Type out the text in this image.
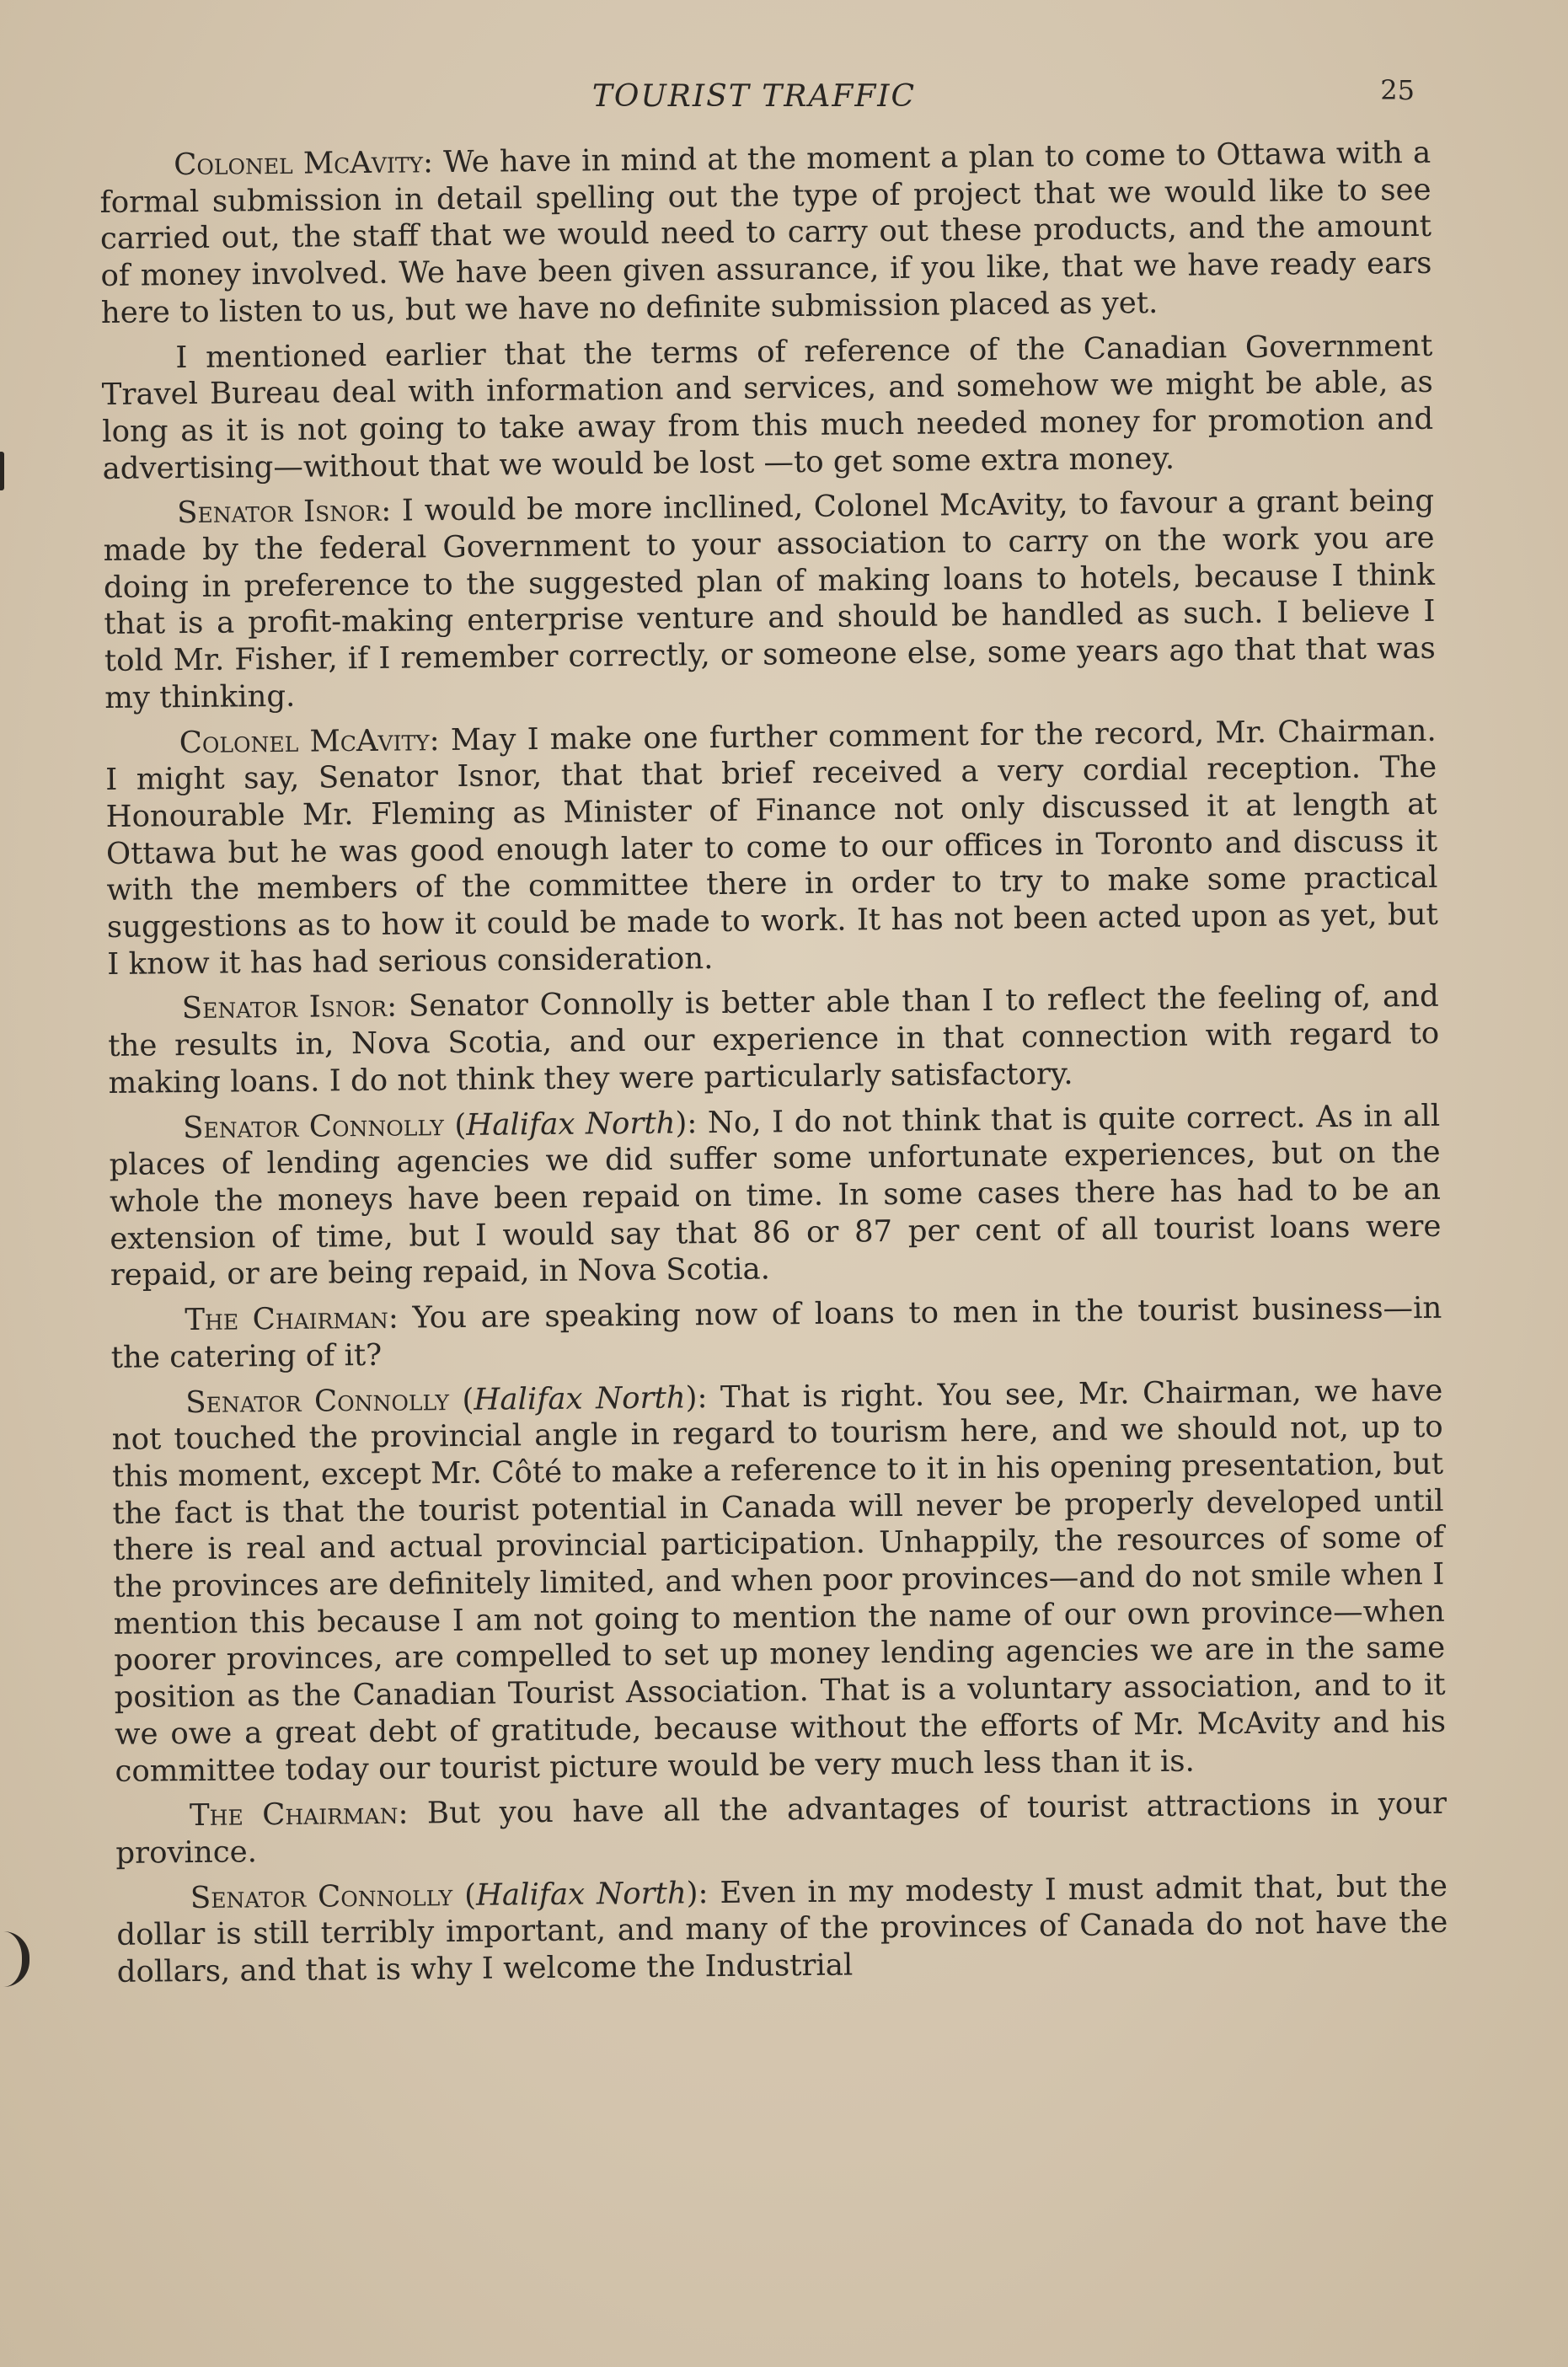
TOURIST TRAFFIC	25

Colonel McAvity: We have in mind at the moment a plan to come to Ottawa with a formal submission in detail spelling out the type of project that we would like to see carried out, the staff that we would need to carry out these products, and the amount of money involved. We have been given assurance, if you like, that we have ready ears here to listen to us, but we have no definite submission placed as yet.

I mentioned earlier that the terms of reference of the Canadian Government Travel Bureau deal with information and services, and somehow we might be able, as long as it is not going to take away from this much needed money for promotion and advertising—without that we would be lost —to get some extra money.

Senator Isnor: I would be more incllined, Colonel McAvity, to favour a grant being made by the federal Government to your association to carry on the work you are doing in preference to the suggested plan of making loans to hotels, because I think that is a profit-making enterprise venture and should be handled as such. I believe I told Mr. Fisher, if I remember correctly, or someone else, some years ago that that was my thinking.

Colonel McAvity: May I make one further comment for the record, Mr. Chairman. I might say, Senator Isnor, that that brief received a very cordial reception. The Honourable Mr. Fleming as Minister of Finance not only discussed it at length at Ottawa but he was good enough later to come to our offices in Toronto and discuss it with the members of the committee there in order to try to make some practical suggestions as to how it could be made to work. It has not been acted upon as yet, but I know it has had serious consideration.

Senator Isnor: Senator Connolly is better able than I to reflect the feeling of, and the results in, Nova Scotia, and our experience in that connection with regard to making loans. I do not think they were particularly satisfactory.

Senator Connolly (Halifax North): No, I do not think that is quite correct. As in all places of lending agencies we did suffer some unfortunate experiences, but on the whole the moneys have been repaid on time. In some cases there has had to be an extension of time, but I would say that 86 or 87 per cent of all tourist loans were repaid, or are being repaid, in Nova Scotia.

The Chairman: You are speaking now of loans to men in the tourist business—in the catering of it?

Senator Connolly (Halifax North): That is right. You see, Mr. Chairman, we have not touched the provincial angle in regard to tourism here, and we should not, up to this moment, except Mr. Côté to make a reference to it in his opening presentation, but the fact is that the tourist potential in Canada will never be properly developed until there is real and actual provincial participation. Unhappily, the resources of some of the provinces are definitely limited, and when poor provinces—and do not smile when I mention this because I am not going to mention the name of our own province—when poorer provinces, are compelled to set up money lending agencies we are in the same position as the Canadian Tourist Association. That is a voluntary association, and to it we owe a great debt of gratitude, because without the efforts of Mr. McAvity and his committee today our tourist picture would be very much less than it is.

The Chairman: But you have all the advantages of tourist attractions in your province.

Senator Connolly (Halifax North): Even in my modesty I must admit that, but the dollar is still terribly important, and many of the provinces of Canada do not have the dollars, and that is why I welcome the Industrial
